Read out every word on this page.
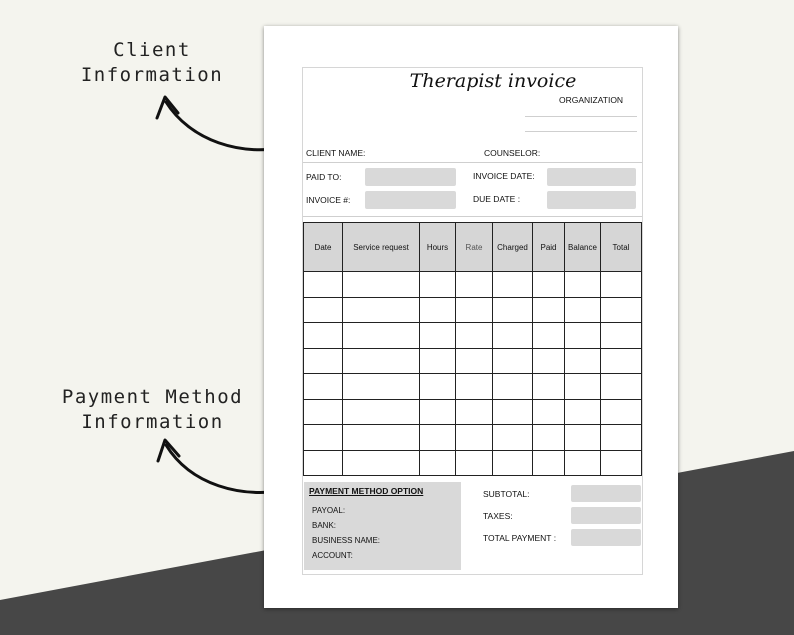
Client
Information
Payment Method
Information
Therapist invoice
ORGANIZATION
CLIENT NAME:	COUNSELOR:
PAID TO:	INVOICE DATE:
INVOICE #:	DUE DATE :
PAYMENT METHOD OPTION
PAYOAL:
BANK:
BUSINESS NAME:
ACCOUNT:
SUBTOTAL:
TAXES:
TOTAL PAYMENT :
Date	Service request	Hours	Rate	Charged	Paid	Balance	Total
